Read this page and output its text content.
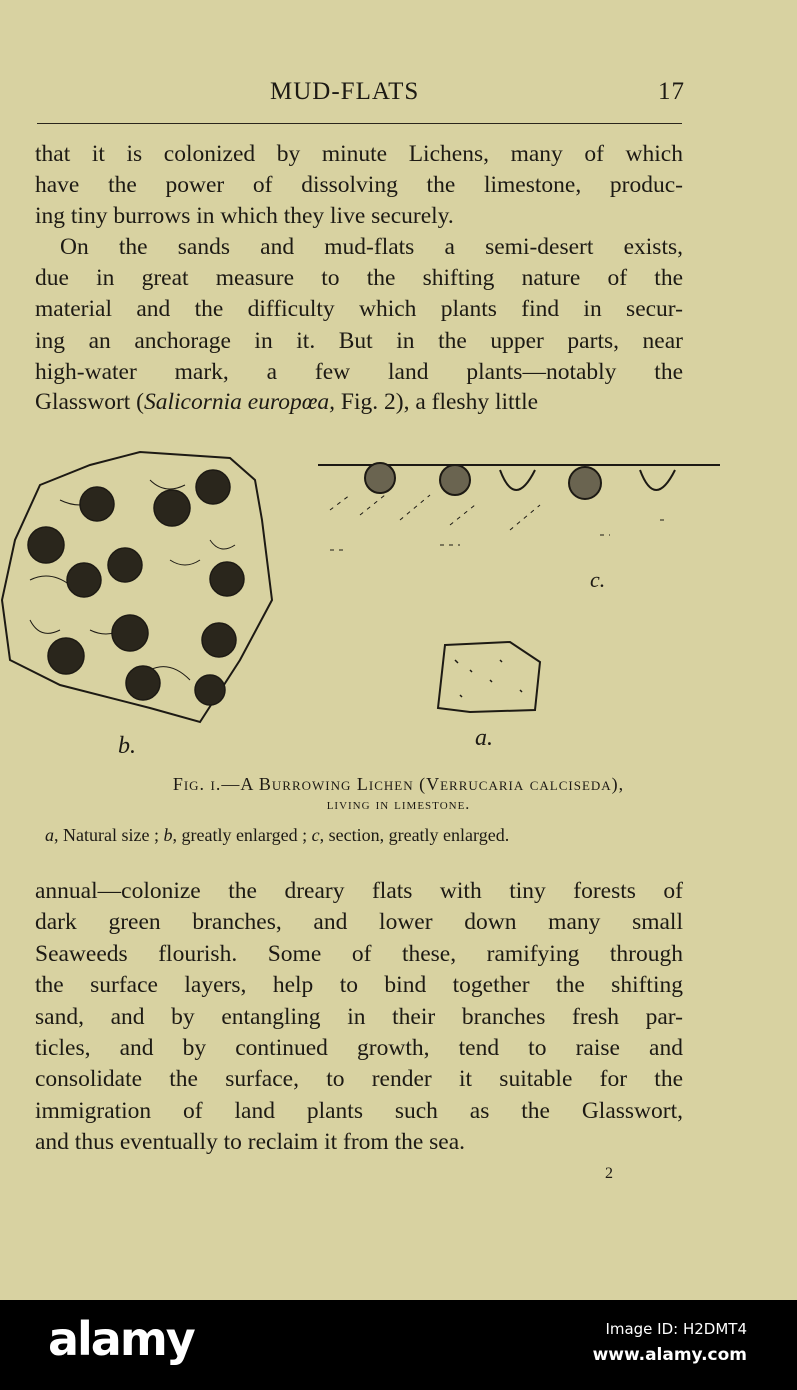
MUD-FLATS	17
that it is colonized by minute Lichens, many of which
have the power of dissolving the limestone, produc-
ing tiny burrows in which they live securely.
On the sands and mud-flats a semi-desert exists,
due in great measure to the shifting nature of the
material and the difficulty which plants find in secur-
ing an anchorage in it. But in the upper parts, near
high-water mark, a few land plants—notably the
Glasswort (Salicornia europœa, Fig. 2), a fleshy little
b.	a.
c.
Fig. i.—A Burrowing Lichen (Verrucaria calciseda),
living in limestone.
a, Natural size ; b, greatly enlarged ; c, section, greatly enlarged.
annual—colonize the dreary flats with tiny forests of
dark green branches, and lower down many small
Seaweeds flourish. Some of these, ramifying through
the surface layers, help to bind together the shifting
sand, and by entangling in their branches fresh par-
ticles, and by continued growth, tend to raise and
consolidate the surface, to render it suitable for the
immigration of land plants such as the Glasswort,
and thus eventually to reclaim it from the sea.
2
alamy	Image ID: H2DMT4
www.alamy.com
